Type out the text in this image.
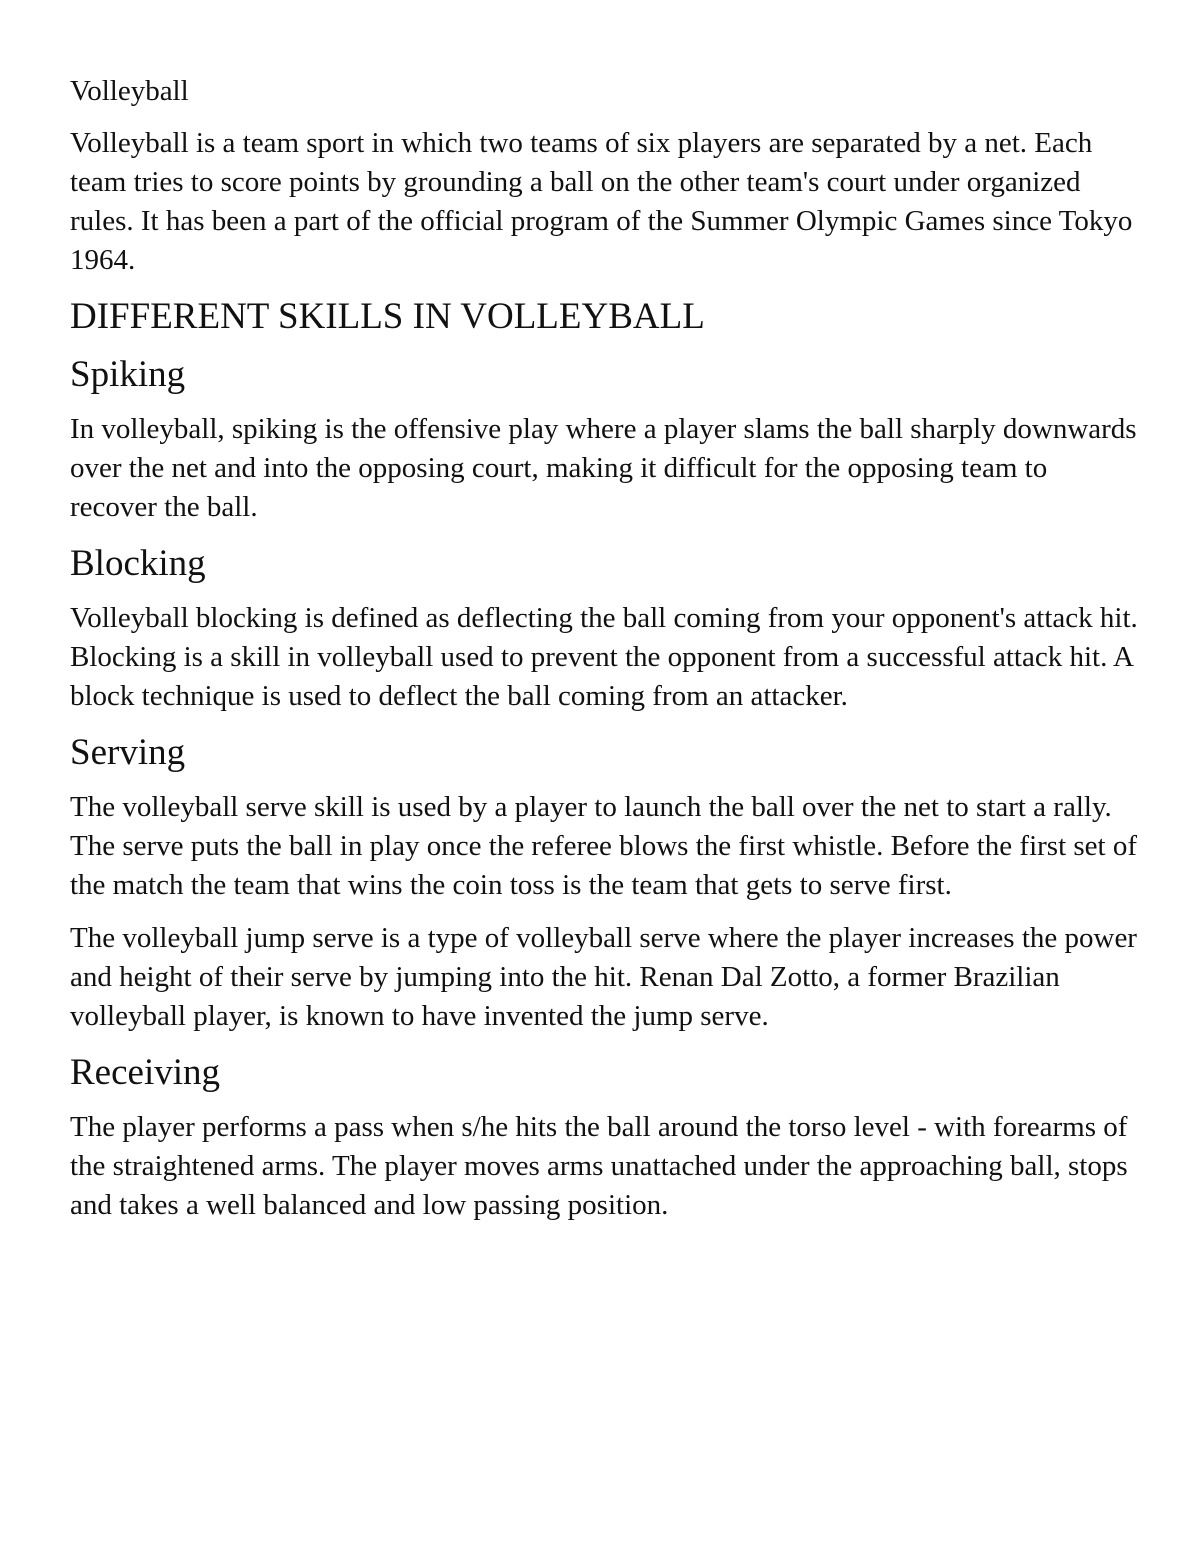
Volleyball

Volleyball is a team sport in which two teams of six players are separated by a net. Each team tries to score points by grounding a ball on the other team's court under organized rules. It has been a part of the official program of the Summer Olympic Games since Tokyo 1964.

DIFFERENT SKILLS IN VOLLEYBALL
Spiking

In volleyball, spiking is the offensive play where a player slams the ball sharply downwards over the net and into the opposing court, making it difficult for the opposing team to recover the ball.

Blocking

Volleyball blocking is defined as deflecting the ball coming from your opponent's attack hit. Blocking is a skill in volleyball used to prevent the opponent from a successful attack hit. A block technique is used to deflect the ball coming from an attacker.

Serving

The volleyball serve skill is used by a player to launch the ball over the net to start a rally. The serve puts the ball in play once the referee blows the first whistle. Before the first set of the match the team that wins the coin toss is the team that gets to serve first.

The volleyball jump serve is a type of volleyball serve where the player increases the power and height of their serve by jumping into the hit. Renan Dal Zotto, a former Brazilian volleyball player, is known to have invented the jump serve.

Receiving

The player performs a pass when s/he hits the ball around the torso level - with forearms of the straightened arms. The player moves arms unattached under the approaching ball, stops and takes a well balanced and low passing position.
